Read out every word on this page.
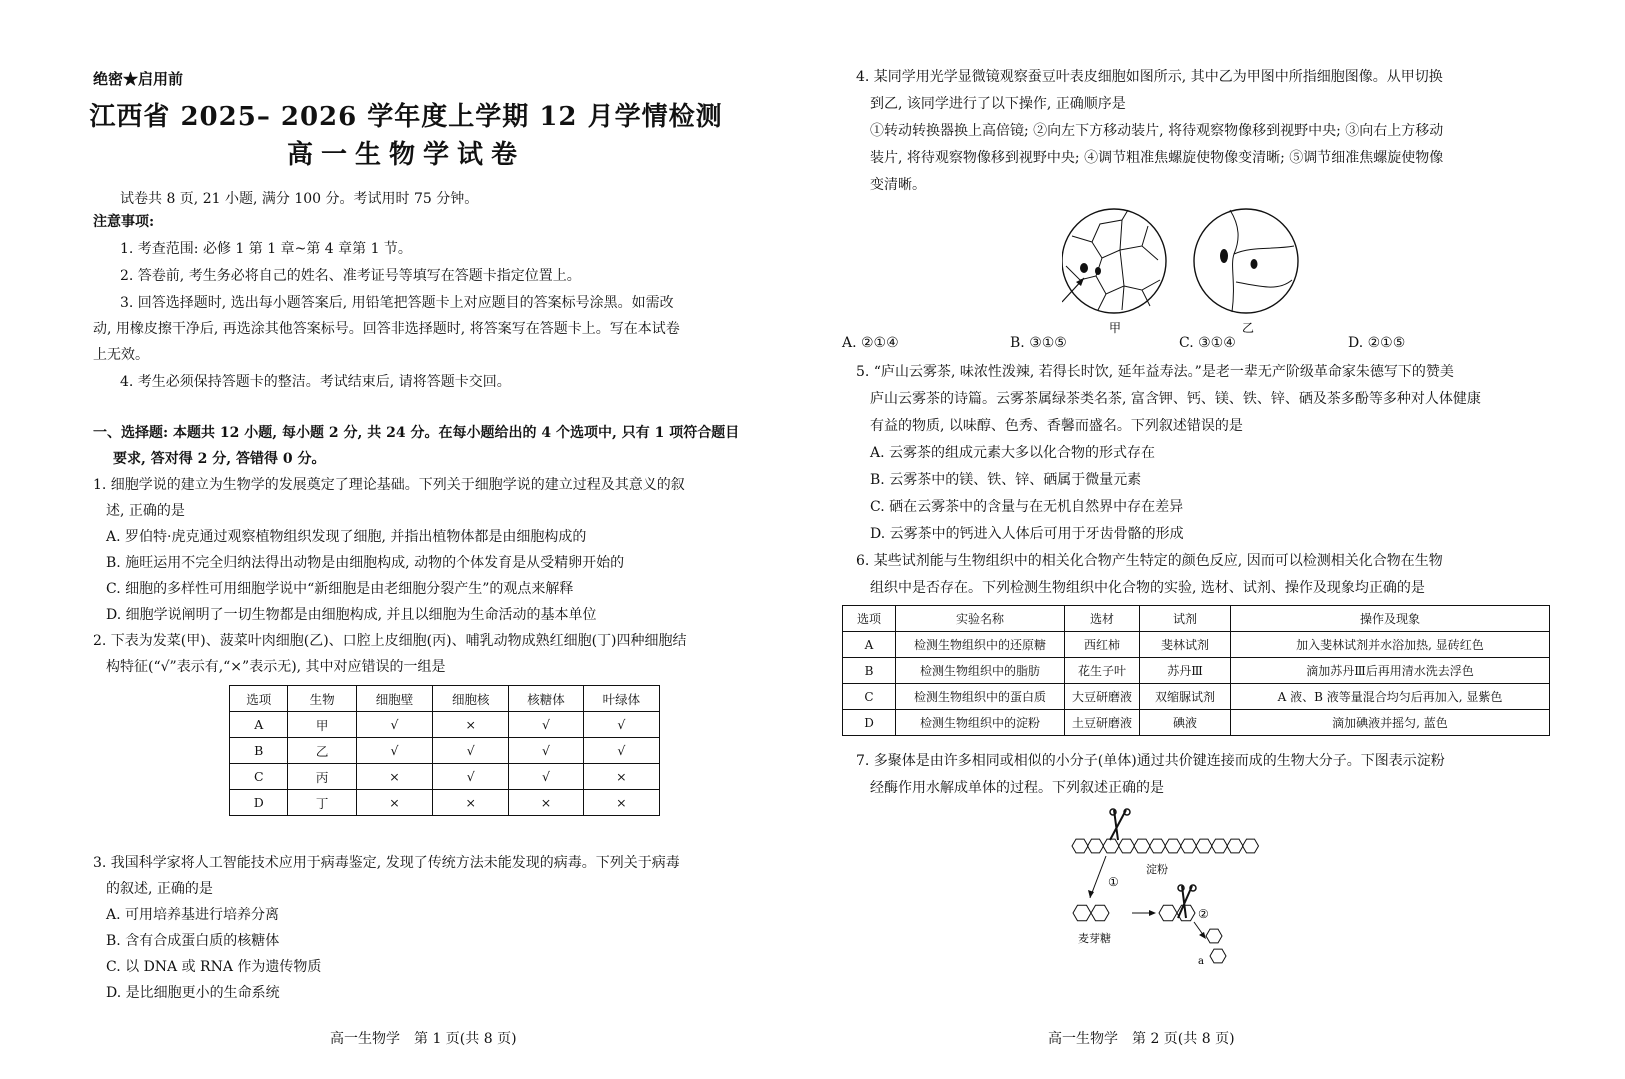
绝密★启用前
江西省 2025– 2026 学年度上学期 12 月学情检测
高一生物学试卷
试卷共 8 页, 21 小题, 满分 100 分。考试用时 75 分钟。
注意事项:
1. 考查范围: 必修 1 第 1 章~第 4 章第 1 节。
2. 答卷前, 考生务必将自己的姓名、准考证号等填写在答题卡指定位置上。
3. 回答选择题时, 选出每小题答案后, 用铅笔把答题卡上对应题目的答案标号涂黑。如需改
动, 用橡皮擦干净后, 再选涂其他答案标号。回答非选择题时, 将答案写在答题卡上。写在本试卷
上无效。
4. 考生必须保持答题卡的整洁。考试结束后, 请将答题卡交回。
一、选择题: 本题共 12 小题, 每小题 2 分, 共 24 分。在每小题给出的 4 个选项中, 只有 1 项符合题目
要求, 答对得 2 分, 答错得 0 分。
1. 细胞学说的建立为生物学的发展奠定了理论基础。下列关于细胞学说的建立过程及其意义的叙
述, 正确的是
A. 罗伯特·虎克通过观察植物组织发现了细胞, 并指出植物体都是由细胞构成的
B. 施旺运用不完全归纳法得出动物是由细胞构成, 动物的个体发育是从受精卵开始的
C. 细胞的多样性可用细胞学说中“新细胞是由老细胞分裂产生”的观点来解释
D. 细胞学说阐明了一切生物都是由细胞构成, 并且以细胞为生命活动的基本单位
2. 下表为发菜(甲)、菠菜叶肉细胞(乙)、口腔上皮细胞(丙)、哺乳动物成熟红细胞(丁)四种细胞结
构特征(“√”表示有,“×”表示无), 其中对应错误的一组是
选项	生物	细胞壁	细胞核	核糖体	叶绿体
A	甲	√	×	√	√
B	乙	√	√	√	√
C	丙	×	√	√	×
D	丁	×	×	×	×
3. 我国科学家将人工智能技术应用于病毒鉴定, 发现了传统方法未能发现的病毒。下列关于病毒
的叙述, 正确的是
A. 可用培养基进行培养分离
B. 含有合成蛋白质的核糖体
C. 以 DNA 或 RNA 作为遗传物质
D. 是比细胞更小的生命系统
高一生物学　第 1 页(共 8 页)
4. 某同学用光学显微镜观察蚕豆叶表皮细胞如图所示, 其中乙为甲图中所指细胞图像。从甲切换
到乙, 该同学进行了以下操作, 正确顺序是
①转动转换器换上高倍镜; ②向左下方移动装片, 将待观察物像移到视野中央; ③向右上方移动
装片, 将待观察物像移到视野中央; ④调节粗准焦螺旋使物像变清晰; ⑤调节细准焦螺旋使物像
变清晰。
甲	乙
A. ②①④	B. ③①⑤	C. ③①④	D. ②①⑤
5. “庐山云雾茶, 味浓性泼辣, 若得长时饮, 延年益寿法。”是老一辈无产阶级革命家朱德写下的赞美
庐山云雾茶的诗篇。云雾茶属绿茶类名茶, 富含钾、钙、镁、铁、锌、硒及茶多酚等多种对人体健康
有益的物质, 以味醇、色秀、香馨而盛名。下列叙述错误的是
A. 云雾茶的组成元素大多以化合物的形式存在
B. 云雾茶中的镁、铁、锌、硒属于微量元素
C. 硒在云雾茶中的含量与在无机自然界中存在差异
D. 云雾茶中的钙进入人体后可用于牙齿骨骼的形成
6. 某些试剂能与生物组织中的相关化合物产生特定的颜色反应, 因而可以检测相关化合物在生物
组织中是否存在。下列检测生物组织中化合物的实验, 选材、试剂、操作及现象均正确的是
选项	实验名称	选材	试剂	操作及现象
A	检测生物组织中的还原糖	西红柿	斐林试剂	加入斐林试剂并水浴加热, 显砖红色
B	检测生物组织中的脂肪	花生子叶	苏丹Ⅲ	滴加苏丹Ⅲ后再用清水洗去浮色
C	检测生物组织中的蛋白质	大豆研磨液	双缩脲试剂	A 液、B 液等量混合均匀后再加入, 显紫色
D	检测生物组织中的淀粉	土豆研磨液	碘液	滴加碘液并摇匀, 蓝色
7. 多聚体是由许多相同或相似的小分子(单体)通过共价键连接而成的生物大分子。下图表示淀粉
经酶作用水解成单体的过程。下列叙述正确的是
淀粉
①
麦芽糖
②
a
高一生物学　第 2 页(共 8 页)
